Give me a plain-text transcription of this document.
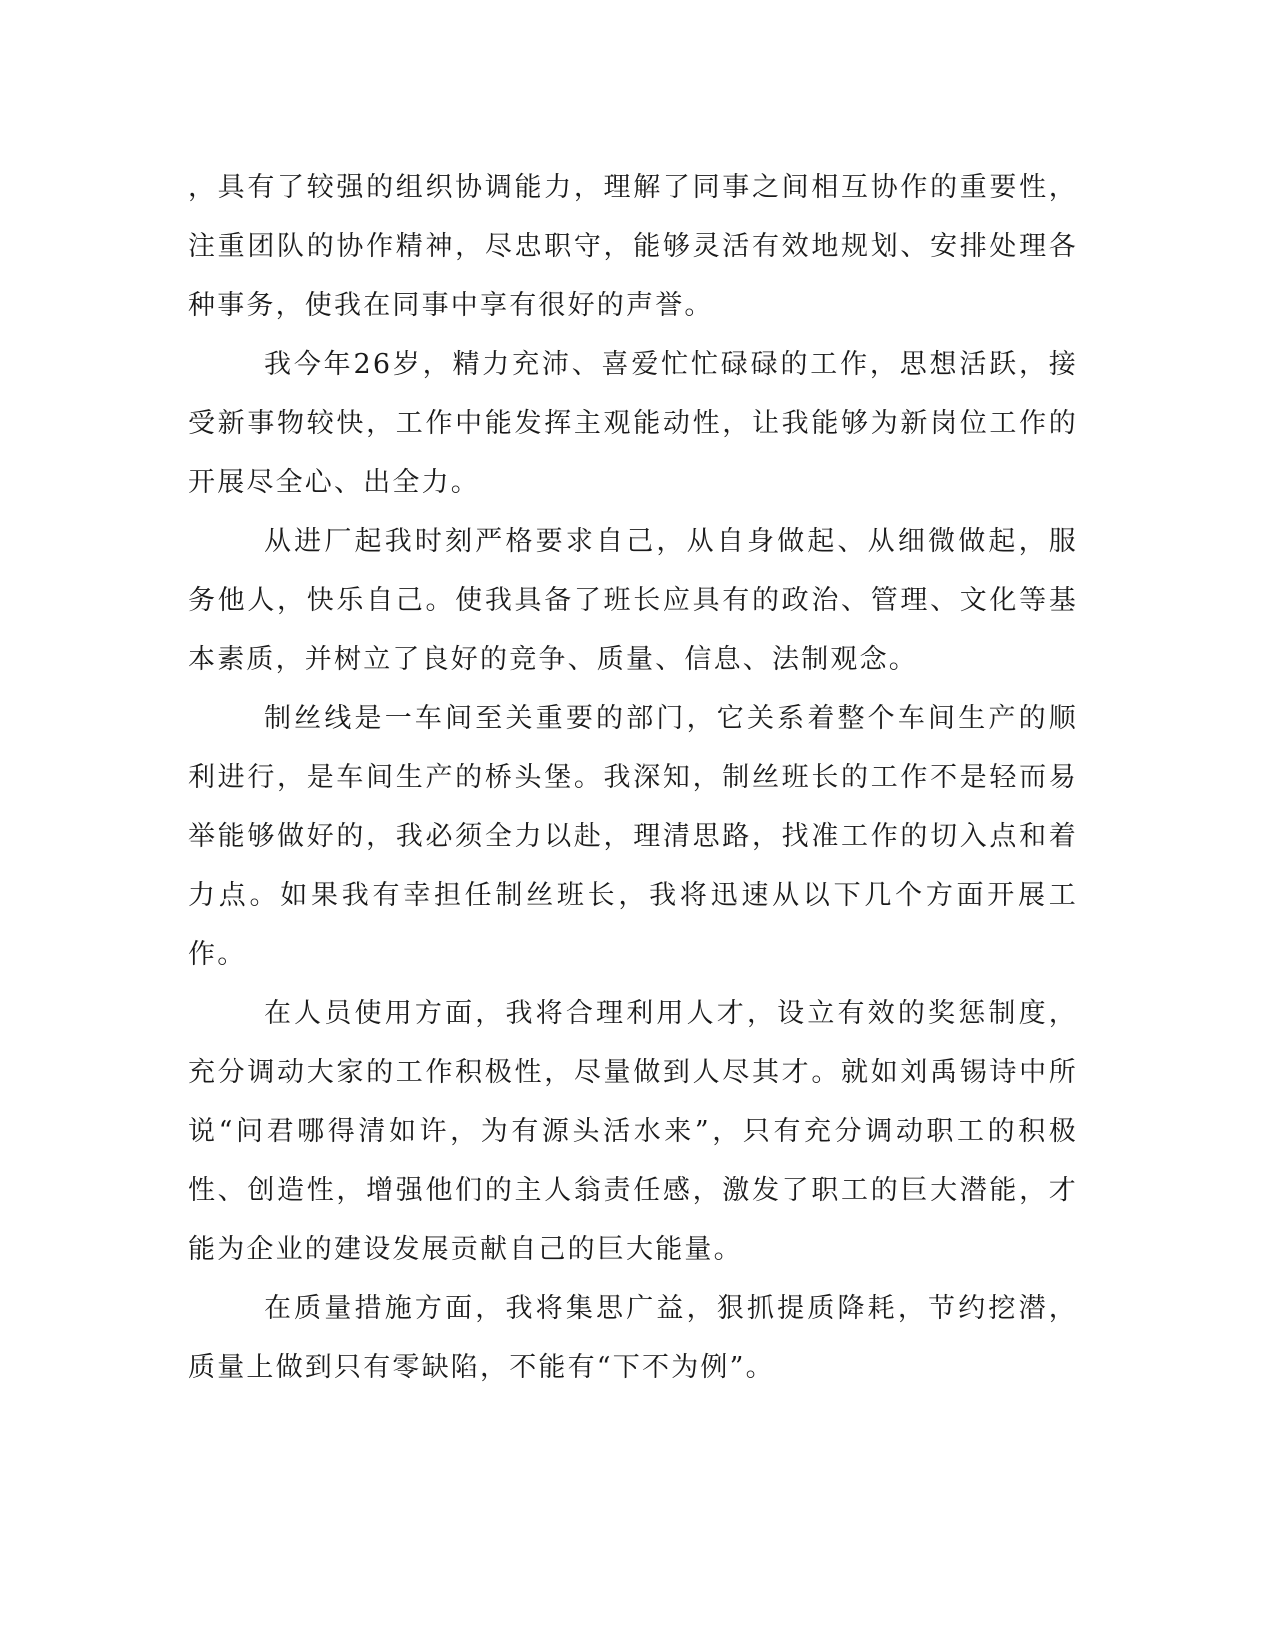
，具有了较强的组织协调能力，理解了同事之间相互协作的重要性，注重团队的协作精神，尽忠职守，能够灵活有效地规划、安排处理各种事务，使我在同事中享有很好的声誉。

我今年26岁，精力充沛、喜爱忙忙碌碌的工作，思想活跃，接受新事物较快，工作中能发挥主观能动性，让我能够为新岗位工作的开展尽全心、出全力。

从进厂起我时刻严格要求自己，从自身做起、从细微做起，服务他人，快乐自己。使我具备了班长应具有的政治、管理、文化等基本素质，并树立了良好的竞争、质量、信息、法制观念。

制丝线是一车间至关重要的部门，它关系着整个车间生产的顺利进行，是车间生产的桥头堡。我深知，制丝班长的工作不是轻而易举能够做好的，我必须全力以赴，理清思路，找准工作的切入点和着力点。如果我有幸担任制丝班长，我将迅速从以下几个方面开展工作。

在人员使用方面，我将合理利用人才，设立有效的奖惩制度，充分调动大家的工作积极性，尽量做到人尽其才。就如刘禹锡诗中所说“问君哪得清如许，为有源头活水来”，只有充分调动职工的积极性、创造性，增强他们的主人翁责任感，激发了职工的巨大潜能，才能为企业的建设发展贡献自己的巨大能量。

在质量措施方面，我将集思广益，狠抓提质降耗，节约挖潜，质量上做到只有零缺陷，不能有“下不为例”。
